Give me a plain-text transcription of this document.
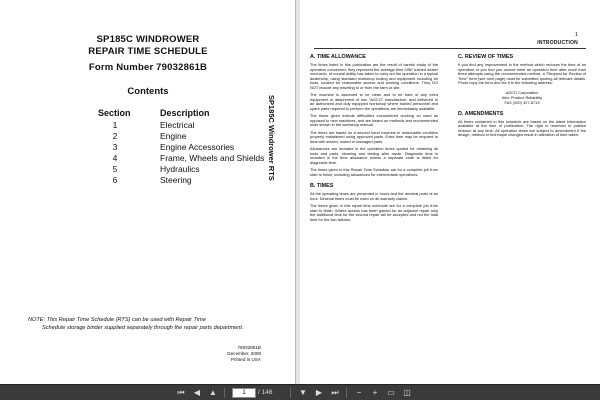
SP185C WINDROWER
REPAIR TIME SCHEDULE
Form Number 79032861B
Contents
Section	Description
1	Electrical
2	Engine
3	Engine Accessories
4	Frame, Wheels and Shields
5	Hydraulics
6	Steering	SP185C Windrower RTS
NOTE: This Repair Time Schedule (RTS) can be used with Repair Time
Schedule storage binder supplied separately through the repair parts department.
79032861B
December, 2008
Printed in USA
1
INTRODUCTION
A. TIME ALLOWANCE
The times listed in this publication are the result of careful study of the operation concerned; they represent the average time ONE trained dealer mechanic, of normal ability has taken to carry out the operation in a typical dealership, using standard workshop tooling and equipment including air tools, located for reasonable access and working conditions. They DO NOT include any traveling to or from the farm or site.
The machine is assumed to be clean and to be bare of any extra equipment or attachment of non "AGCO" manufacture, and delivered to an authorized and duly equipped workshop where trained personnel and spare parts required to perform the operations are immediately available.
The times given include difficulties encountered working on used as opposed to new machines, and are based on methods and recommended tools shown in the workshop manual.
The times are based on a second hand machine in reasonable condition properly maintained using approved parts. Extra time may be required to deal with seized, rusted or damaged parts.
Allowances are included in the operation times quoted for obtaining all tools and parts, cleaning and testing after repair. Diagnostic time is included in the time allowance unless a separate code is listed for diagnostic time.
The times given in this Repair Time Schedule are for a complete job from start to finish, including allowances for intermediate operations.
B. TIMES
All the operating times are presented in hours and the decimal parts of an hour. Decimal times must be used on all warranty claims.
The times given in this repair time schedule are for a complete job from start to finish. Where access has been gained for an adjacent repair only the additional time for the second repair will be accepted and not the total time for the two failures.
C. REVIEW OF TIMES
If you find any improvement in the method which reduces the time of an operation or you find you cannot meet an operation time after more than three attempts using the recommended method, a "Request for Review of Time" form (see next page) must be submitted quoting all relevant details. Photo copy the form and fax it to the following address:
AGCO Corporation
Attn: Product Reliability
FAX (920) 327-6713
D. AMENDMENTS
All times contained in this schedule are based on the latest information available at the time of publication. The right is reserved to publish revision at any time. All operation times are subject to amendment if the design, method or technique changes result in alteration of time taken.
⏮ ◀ ▲	1	/ 146	▼ ▶ ⏭	−	+	▭ ◫
